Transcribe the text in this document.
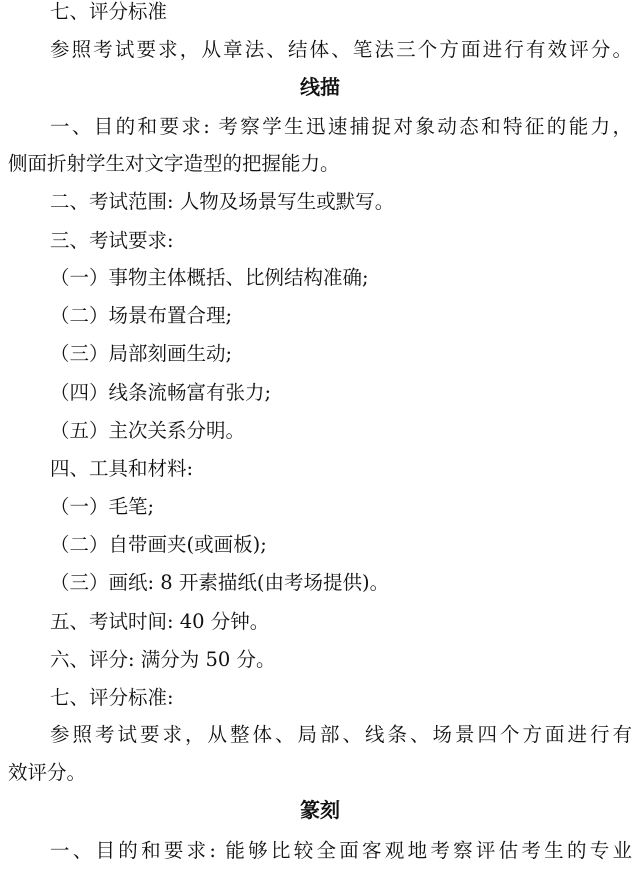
七、评分标准
参照考试要求，从章法、结体、笔法三个方面进行有效评分。
线描
一、目的和要求: 考察学生迅速捕捉对象动态和特征的能力，
侧面折射学生对文字造型的把握能力。
二、考试范围: 人物及场景写生或默写。
三、考试要求:
（一）事物主体概括、比例结构准确;
（二）场景布置合理;
（三）局部刻画生动;
（四）线条流畅富有张力;
（五）主次关系分明。
四、工具和材料:
（一）毛笔;
（二）自带画夹(或画板);
（三）画纸: 8 开素描纸(由考场提供)。
五、考试时间: 40 分钟。
六、评分: 满分为 50 分。
七、评分标准:
参照考试要求，从整体、局部、线条、场景四个方面进行有
效评分。
篆刻
一、目的和要求: 能够比较全面客观地考察评估考生的专业
